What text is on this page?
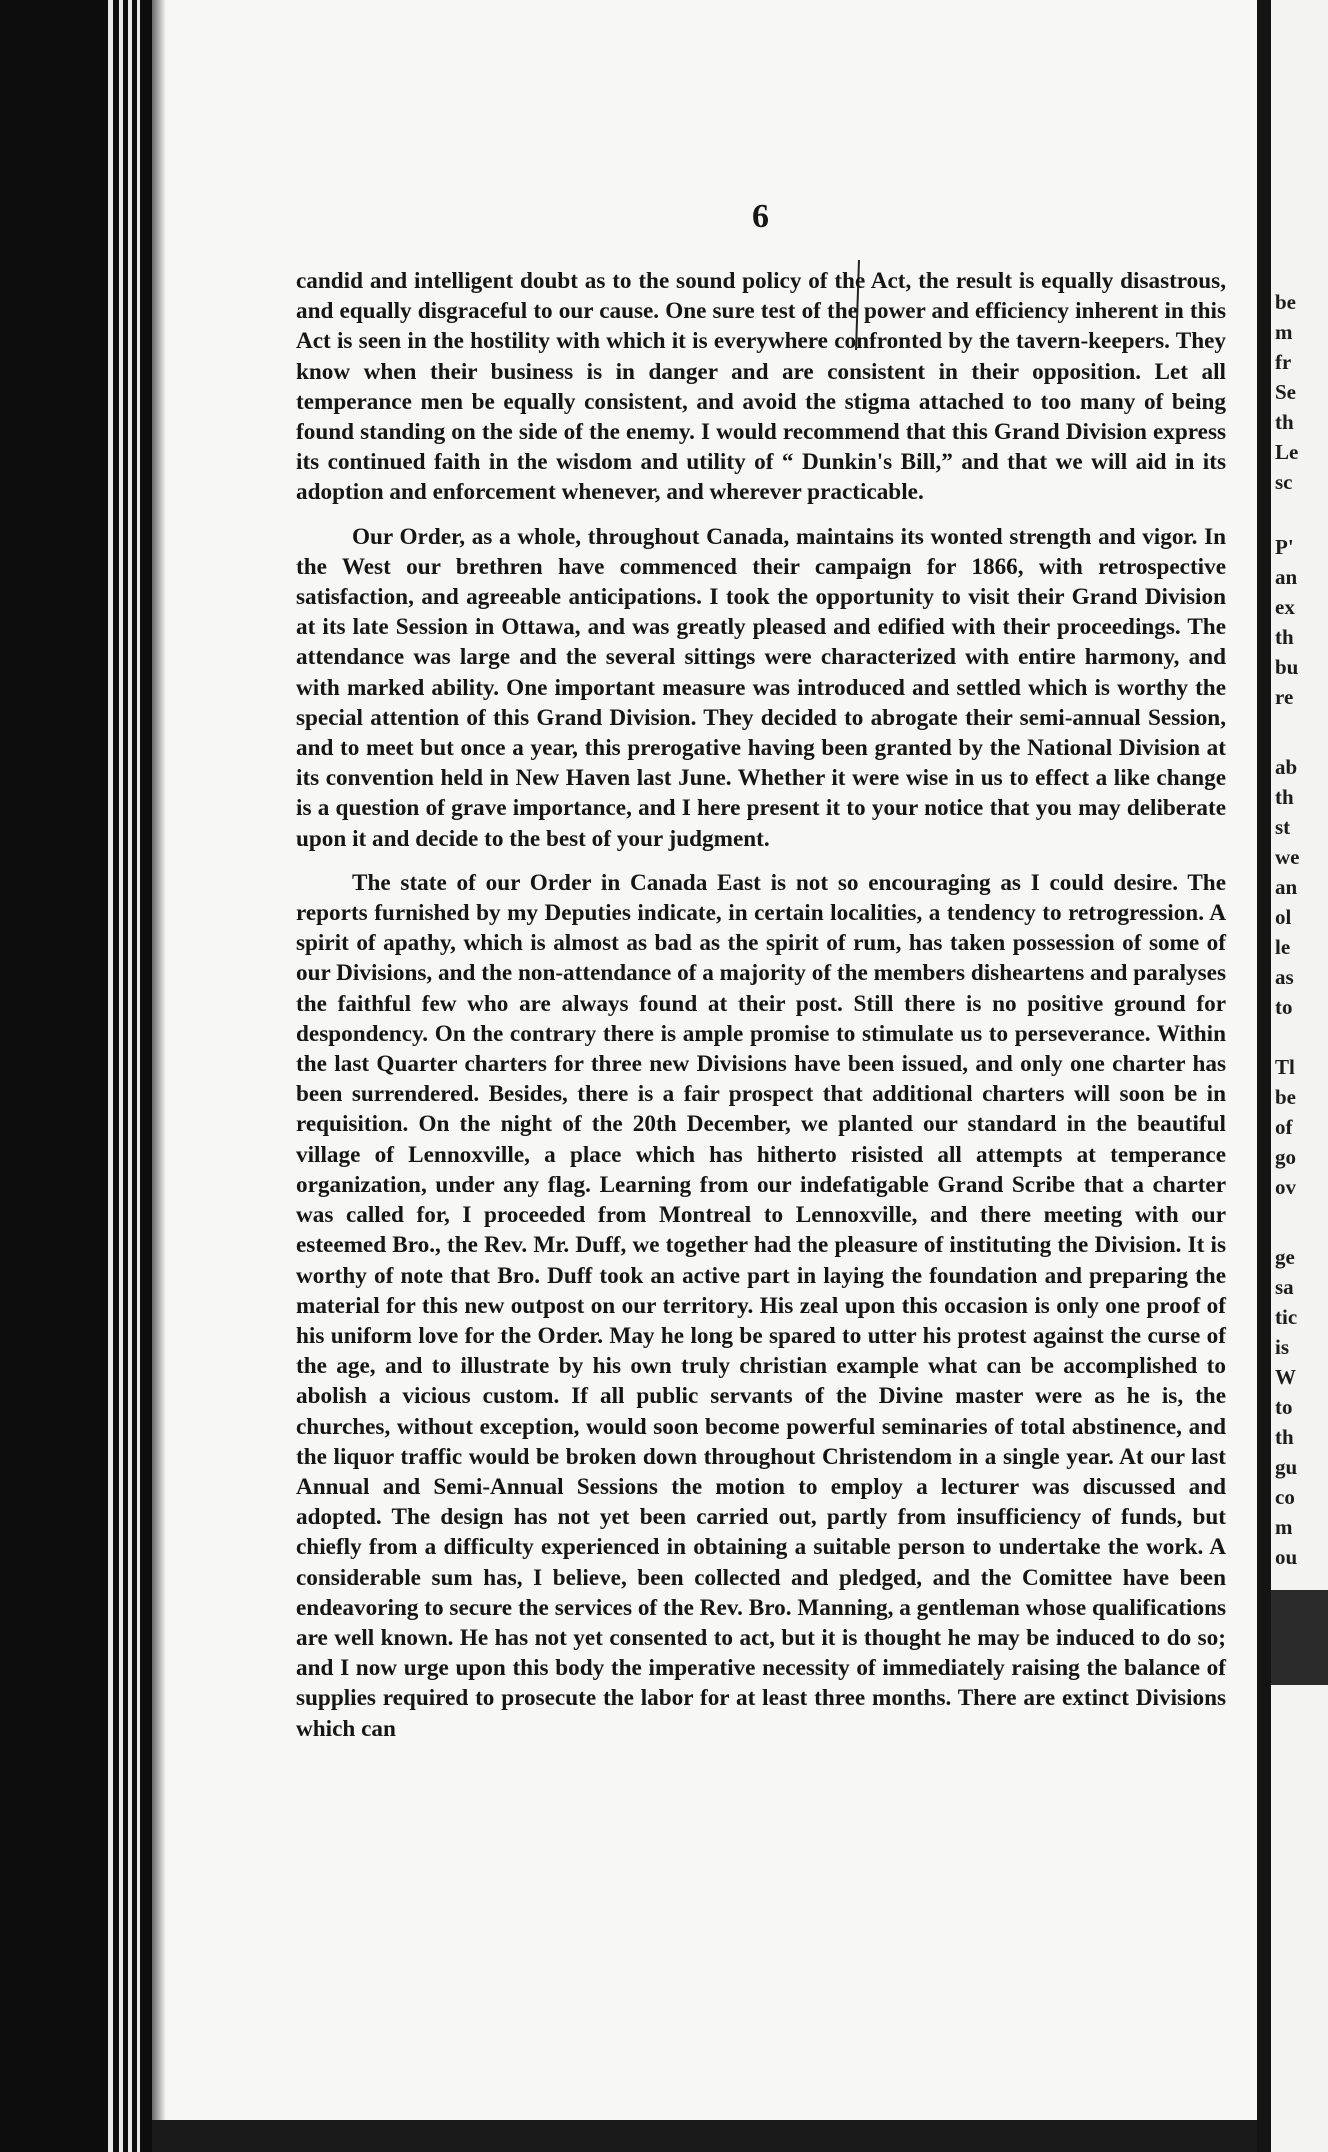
6

candid and intelligent doubt as to the sound policy of the Act, the result is equally disastrous, and equally disgraceful to our cause. One sure test of the power and efficiency inherent in this Act is seen in the hostility with which it is everywhere confronted by the tavern-keepers. They know when their business is in danger and are consistent in their opposition. Let all temperance men be equally consistent, and avoid the stigma attached to too many of being found standing on the side of the enemy. I would recommend that this Grand Division express its continued faith in the wisdom and utility of “ Dunkin's Bill,” and that we will aid in its adoption and enforcement whenever, and wherever practicable.

Our Order, as a whole, throughout Canada, maintains its wonted strength and vigor. In the West our brethren have commenced their campaign for 1866, with retrospective satisfaction, and agreeable anticipations. I took the opportunity to visit their Grand Division at its late Session in Ottawa, and was greatly pleased and edified with their proceedings. The attendance was large and the several sittings were characterized with entire harmony, and with marked ability. One important measure was introduced and settled which is worthy the special attention of this Grand Division. They decided to abrogate their semi-annual Session, and to meet but once a year, this prerogative having been granted by the National Division at its convention held in New Haven last June. Whether it were wise in us to effect a like change is a question of grave importance, and I here present it to your notice that you may deliberate upon it and decide to the best of your judgment.

The state of our Order in Canada East is not so encouraging as I could desire. The reports furnished by my Deputies indicate, in certain localities, a tendency to retrogression. A spirit of apathy, which is almost as bad as the spirit of rum, has taken possession of some of our Divisions, and the non-attendance of a majority of the members disheartens and paralyses the faithful few who are always found at their post. Still there is no positive ground for despondency. On the contrary there is ample promise to stimulate us to perseverance. Within the last Quarter charters for three new Divisions have been issued, and only one charter has been surrendered. Besides, there is a fair prospect that additional charters will soon be in requisition. On the night of the 20th December, we planted our standard in the beautiful village of Lennoxville, a place which has hitherto risisted all attempts at temperance organization, under any flag. Learning from our indefatigable Grand Scribe that a charter was called for, I proceeded from Montreal to Lennoxville, and there meeting with our esteemed Bro., the Rev. Mr. Duff, we together had the pleasure of instituting the Division. It is worthy of note that Bro. Duff took an active part in laying the foundation and preparing the material for this new outpost on our territory. His zeal upon this occasion is only one proof of his uniform love for the Order. May he long be spared to utter his protest against the curse of the age, and to illustrate by his own truly christian example what can be accomplished to abolish a vicious custom. If all public servants of the Divine master were as he is, the churches, without exception, would soon become powerful seminaries of total abstinence, and the liquor traffic would be broken down throughout Christendom in a single year. At our last Annual and Semi-Annual Sessions the motion to employ a lecturer was discussed and adopted. The design has not yet been carried out, partly from insufficiency of funds, but chiefly from a difficulty experienced in obtaining a suitable person to undertake the work. A considerable sum has, I believe, been collected and pledged, and the Comittee have been endeavoring to secure the services of the Rev. Bro. Manning, a gentleman whose qualifications are well known. He has not yet consented to act, but it is thought he may be induced to do so; and I now urge upon this body the imperative necessity of immediately raising the balance of supplies required to prosecute the labor for at least three months. There are extinct Divisions which can

be
m
fr
Se
th
Le
sc
P'
an
ex
th
bu
re
ab
th
st
we
an
ol
le
as
to
Tl
be
of
go
ov
ge
sa
tic
is
W
to
th
gu
co
m
ou
